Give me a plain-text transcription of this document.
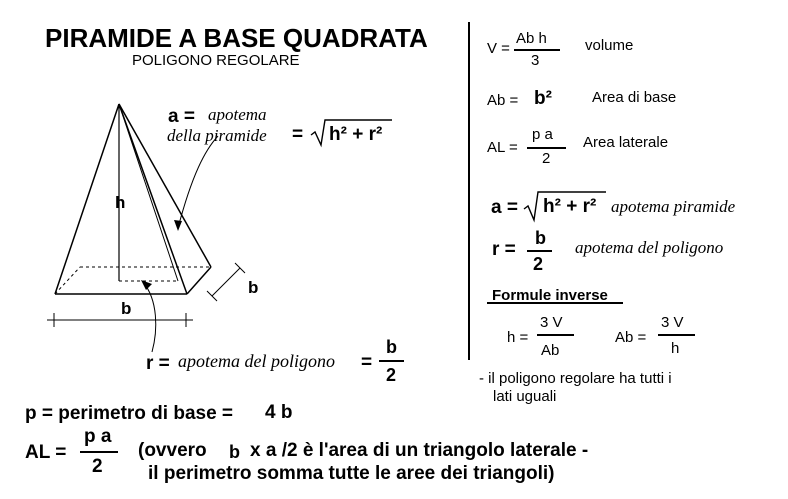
PIRAMIDE A BASE QUADRATA
POLIGONO REGOLARE
h
b
b
a = apotema
della piramide = h² + r²
r = apotema del poligono =
b
2
p = perimetro di base = 4 b
AL =
p a
2
(ovvero b x a /2 è l'area di un triangolo laterale -
il perimetro somma tutte le aree dei triangoli)
V =
Ab h
3
volume
Ab = b²	Area di base
AL =
p a
2
Area laterale
a = h² + r² apotema piramide
r =
b
2
apotema del poligono
Formule inverse
h =
3 V
Ab
Ab =
3 V
h
- il poligono regolare ha tutti i
lati uguali
